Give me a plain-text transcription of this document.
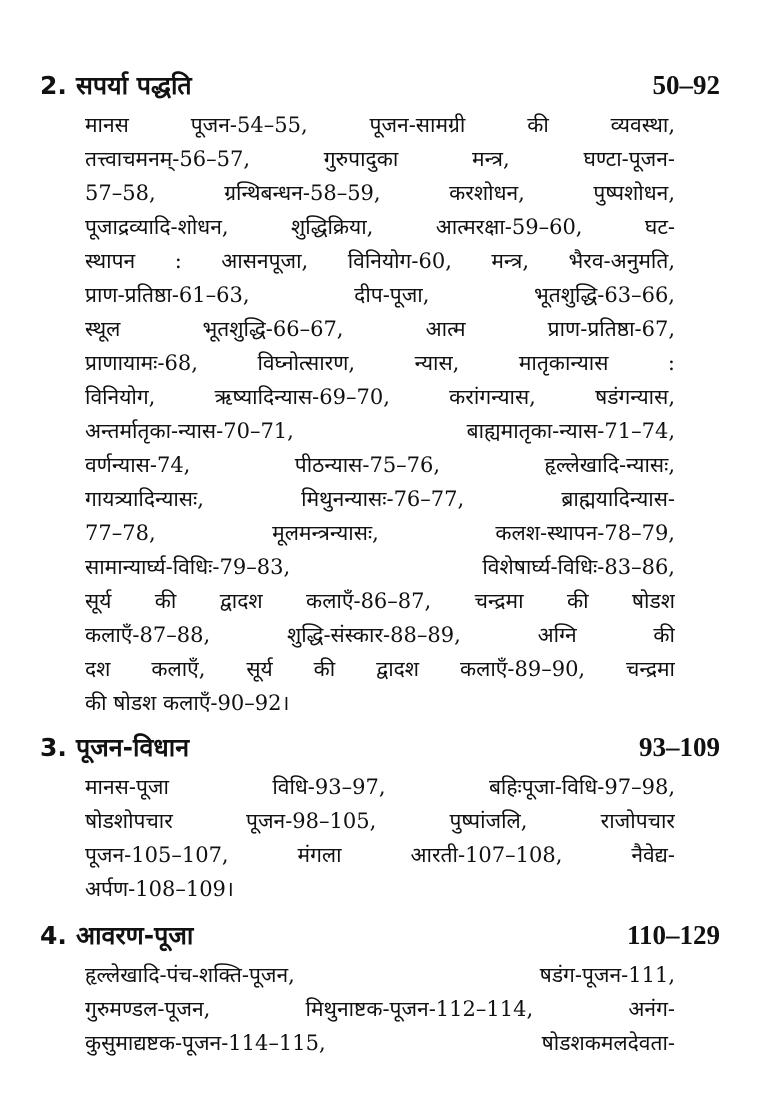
2. सपर्या पद्धति	50–92
मानस पूजन-54–55, पूजन-सामग्री की व्यवस्था,
तत्त्वाचमनम्-56–57, गुरुपादुका मन्त्र, घण्टा-पूजन-
57–58, ग्रन्थिबन्धन-58–59, करशोधन, पुष्पशोधन,
पूजाद्रव्यादि-शोधन, शुद्धिक्रिया, आत्मरक्षा-59–60, घट-
स्थापन : आसनपूजा, विनियोग-60, मन्त्र, भैरव-अनुमति,
प्राण-प्रतिष्ठा-61–63, दीप-पूजा, भूतशुद्धि-63–66,
स्थूल भूतशुद्धि-66–67, आत्म प्राण-प्रतिष्ठा-67,
प्राणायामः-68, विघ्नोत्सारण, न्यास, मातृकान्यास :
विनियोग, ऋष्यादिन्यास-69–70, करांगन्यास, षडंगन्यास,
अन्तर्मातृका-न्यास-70–71, बाह्यमातृका-न्यास-71–74,
वर्णन्यास-74, पीठन्यास-75–76, हृल्लेखादि-न्यासः,
गायत्र्यादिन्यासः, मिथुनन्यासः-76–77, ब्राह्मयादिन्यास-
77–78, मूलमन्त्रन्यासः, कलश-स्थापन-78–79,
सामान्यार्घ्य-विधिः-79–83, विशेषार्घ्य-विधिः-83–86,
सूर्य की द्वादश कलाएँ-86–87, चन्द्रमा की षोडश
कलाएँ-87–88, शुद्धि-संस्कार-88–89, अग्नि की
दश कलाएँ, सूर्य की द्वादश कलाएँ-89–90, चन्द्रमा
की षोडश कलाएँ-90–92।
3. पूजन-विधान	93–109
मानस-पूजा विधि-93–97, बहिःपूजा-विधि-97–98,
षोडशोपचार पूजन-98–105, पुष्पांजलि, राजोपचार
पूजन-105–107, मंगला आरती-107–108, नैवेद्य-
अर्पण-108–109।
4. आवरण-पूजा	110–129
हृल्लेखादि-पंच-शक्ति-पूजन, षडंग-पूजन-111,
गुरुमण्डल-पूजन, मिथुनाष्टक-पूजन-112–114, अनंग-
कुसुमाद्यष्टक-पूजन-114–115, षोडशकमलदेवता-
